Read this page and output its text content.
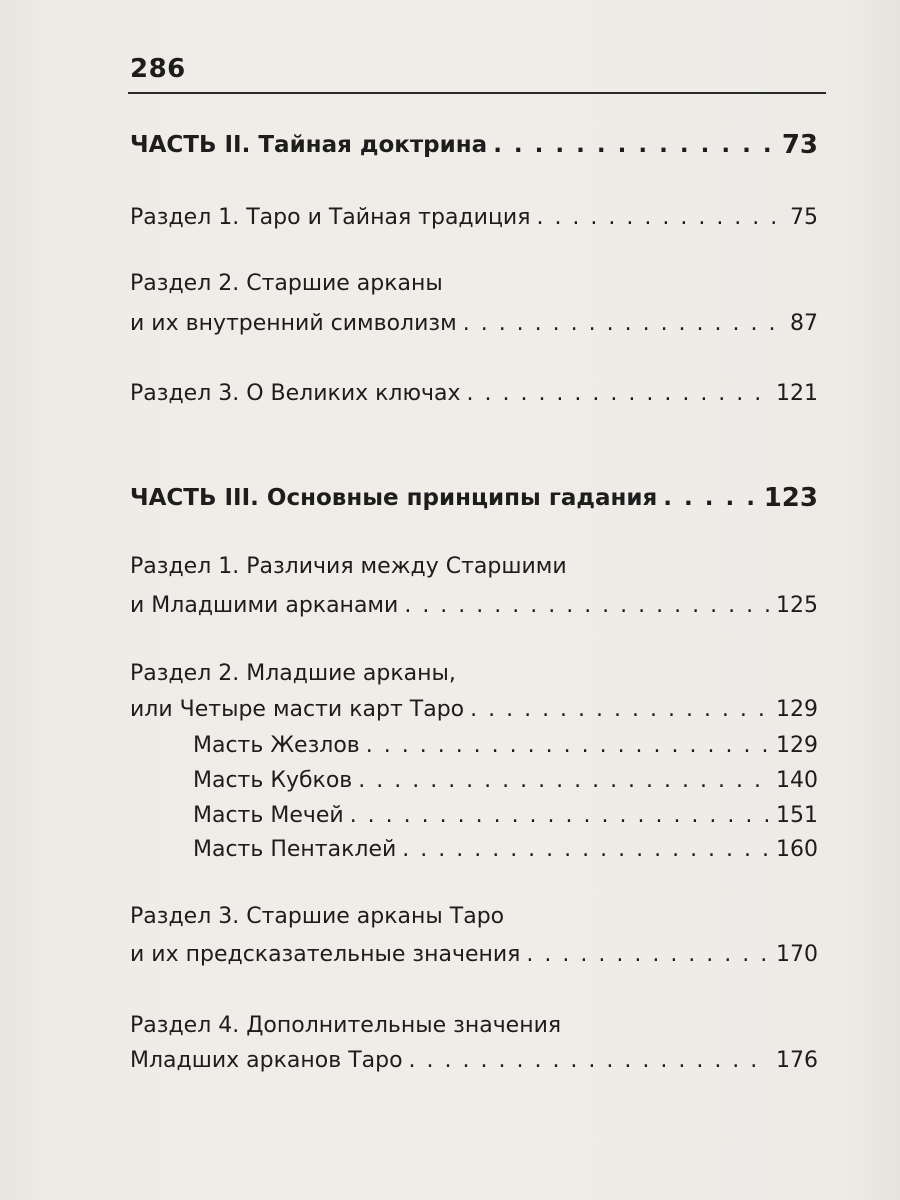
286
ЧАСТЬ II. Тайная доктрина . . .	73
Раздел 1. Таро и Тайная традиция . . .	75
Раздел 2. Старшие арканы
и их внутренний символизм . . .	87
Раздел 3. О Великих ключах . . .	121
ЧАСТЬ III. Основные принципы гадания . . .	123
Раздел 1. Различия между Старшими
и Младшими арканами . . .	125
Раздел 2. Младшие арканы,
или Четыре масти карт Таро . . .	129
Масть Жезлов . . .	129
Масть Кубков . . .	140
Масть Мечей . . .	151
Масть Пентаклей . . .	160
Раздел 3. Старшие арканы Таро
и их предсказательные значения . . .	170
Раздел 4. Дополнительные значения
Младших арканов Таро . . .	176
